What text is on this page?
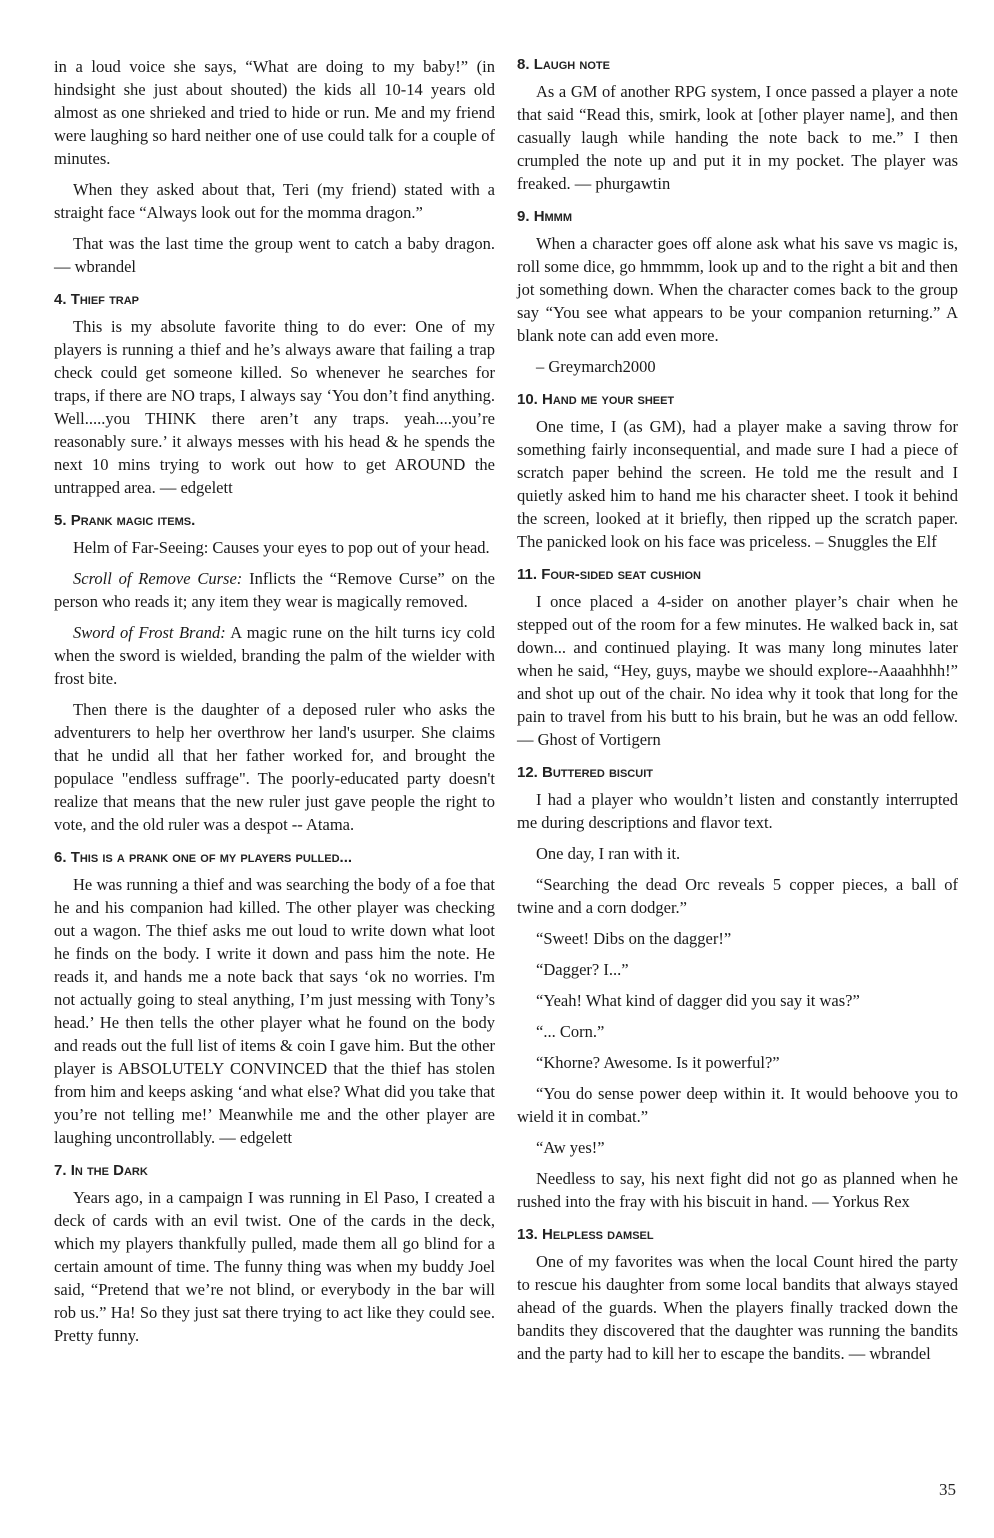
in a loud voice she says, “What are doing to my baby!” (in hindsight she just about shouted) the kids all 10-14 years old almost as one shrieked and tried to hide or run. Me and my friend were laughing so hard neither one of use could talk for a couple of minutes.

When they asked about that, Teri (my friend) stated with a straight face “Always look out for the momma dragon.”

That was the last time the group went to catch a baby dragon. — wbrandel

4. Thief trap

This is my absolute favorite thing to do ever: One of my players is running a thief and he’s always aware that failing a trap check could get someone killed. So whenever he searches for traps, if there are NO traps, I always say ‘You don’t find anything. Well.....you THINK there aren’t any traps. yeah....you’re reasonably sure.’ it always messes with his head & he spends the next 10 mins trying to work out how to get AROUND the untrapped area. — edgelett

5. Prank magic items.

Helm of Far-Seeing: Causes your eyes to pop out of your head.

Scroll of Remove Curse: Inflicts the “Remove Curse” on the person who reads it; any item they wear is magically removed.

Sword of Frost Brand: A magic rune on the hilt turns icy cold when the sword is wielded, branding the palm of the wielder with frost bite.

Then there is the daughter of a deposed ruler who asks the adventurers to help her overthrow her land's usurper. She claims that he undid all that her father worked for, and brought the populace "endless suffrage". The poorly-educated party doesn't realize that means that the new ruler just gave people the right to vote, and the old ruler was a despot -- Atama.

6. This is a prank one of my players pulled...

He was running a thief and was searching the body of a foe that he and his companion had killed. The other player was checking out a wagon. The thief asks me out loud to write down what loot he finds on the body. I write it down and pass him the note. He reads it, and hands me a note back that says ‘ok no worries. I'm not actually going to steal anything, I’m just messing with Tony’s head.’ He then tells the other player what he found on the body and reads out the full list of items & coin I gave him. But the other player is ABSOLUTELY CONVINCED that the thief has stolen from him and keeps asking ‘and what else? What did you take that you’re not telling me!’ Meanwhile me and the other player are laughing uncontrollably. — edgelett

7. In the Dark

Years ago, in a campaign I was running in El Paso, I created a deck of cards with an evil twist. One of the cards in the deck, which my players thankfully pulled, made them all go blind for a certain amount of time. The funny thing was when my buddy Joel said, “Pretend that we’re not blind, or everybody in the bar will rob us.” Ha! So they just sat there trying to act like they could see. Pretty funny.

8. Laugh note

As a GM of another RPG system, I once passed a player a note that said “Read this, smirk, look at [other player name], and then casually laugh while handing the note back to me.” I then crumpled the note up and put it in my pocket. The player was freaked. — phurgawtin

9. Hmmm

When a character goes off alone ask what his save vs magic is, roll some dice, go hmmmm, look up and to the right a bit and then jot something down. When the character comes back to the group say “You see what appears to be your companion returning.” A blank note can add even more.

– Greymarch2000

10. Hand me your sheet

One time, I (as GM), had a player make a saving throw for something fairly inconsequential, and made sure I had a piece of scratch paper behind the screen. He told me the result and I quietly asked him to hand me his character sheet. I took it behind the screen, looked at it briefly, then ripped up the scratch paper. The panicked look on his face was priceless. – Snuggles the Elf

11. Four-sided seat cushion

I once placed a 4-sider on another player’s chair when he stepped out of the room for a few minutes. He walked back in, sat down... and continued playing. It was many long minutes later when he said, “Hey, guys, maybe we should explore--Aaaahhhh!” and shot up out of the chair. No idea why it took that long for the pain to travel from his butt to his brain, but he was an odd fellow.— Ghost of Vortigern

12. Buttered biscuit

I had a player who wouldn’t listen and constantly interrupted me during descriptions and flavor text.

One day, I ran with it.

“Searching the dead Orc reveals 5 copper pieces, a ball of twine and a corn dodger.”

“Sweet! Dibs on the dagger!”

“Dagger? I...”

“Yeah! What kind of dagger did you say it was?”

“... Corn.”

“Khorne? Awesome. Is it powerful?”

“You do sense power deep within it. It would behoove you to wield it in combat.”

“Aw yes!”

Needless to say, his next fight did not go as planned when he rushed into the fray with his biscuit in hand. — Yorkus Rex

13. Helpless damsel

One of my favorites was when the local Count hired the party to rescue his daughter from some local bandits that always stayed ahead of the guards. When the players finally tracked down the bandits they discovered that the daughter was running the bandits and the party had to kill her to escape the bandits. — wbrandel

35
